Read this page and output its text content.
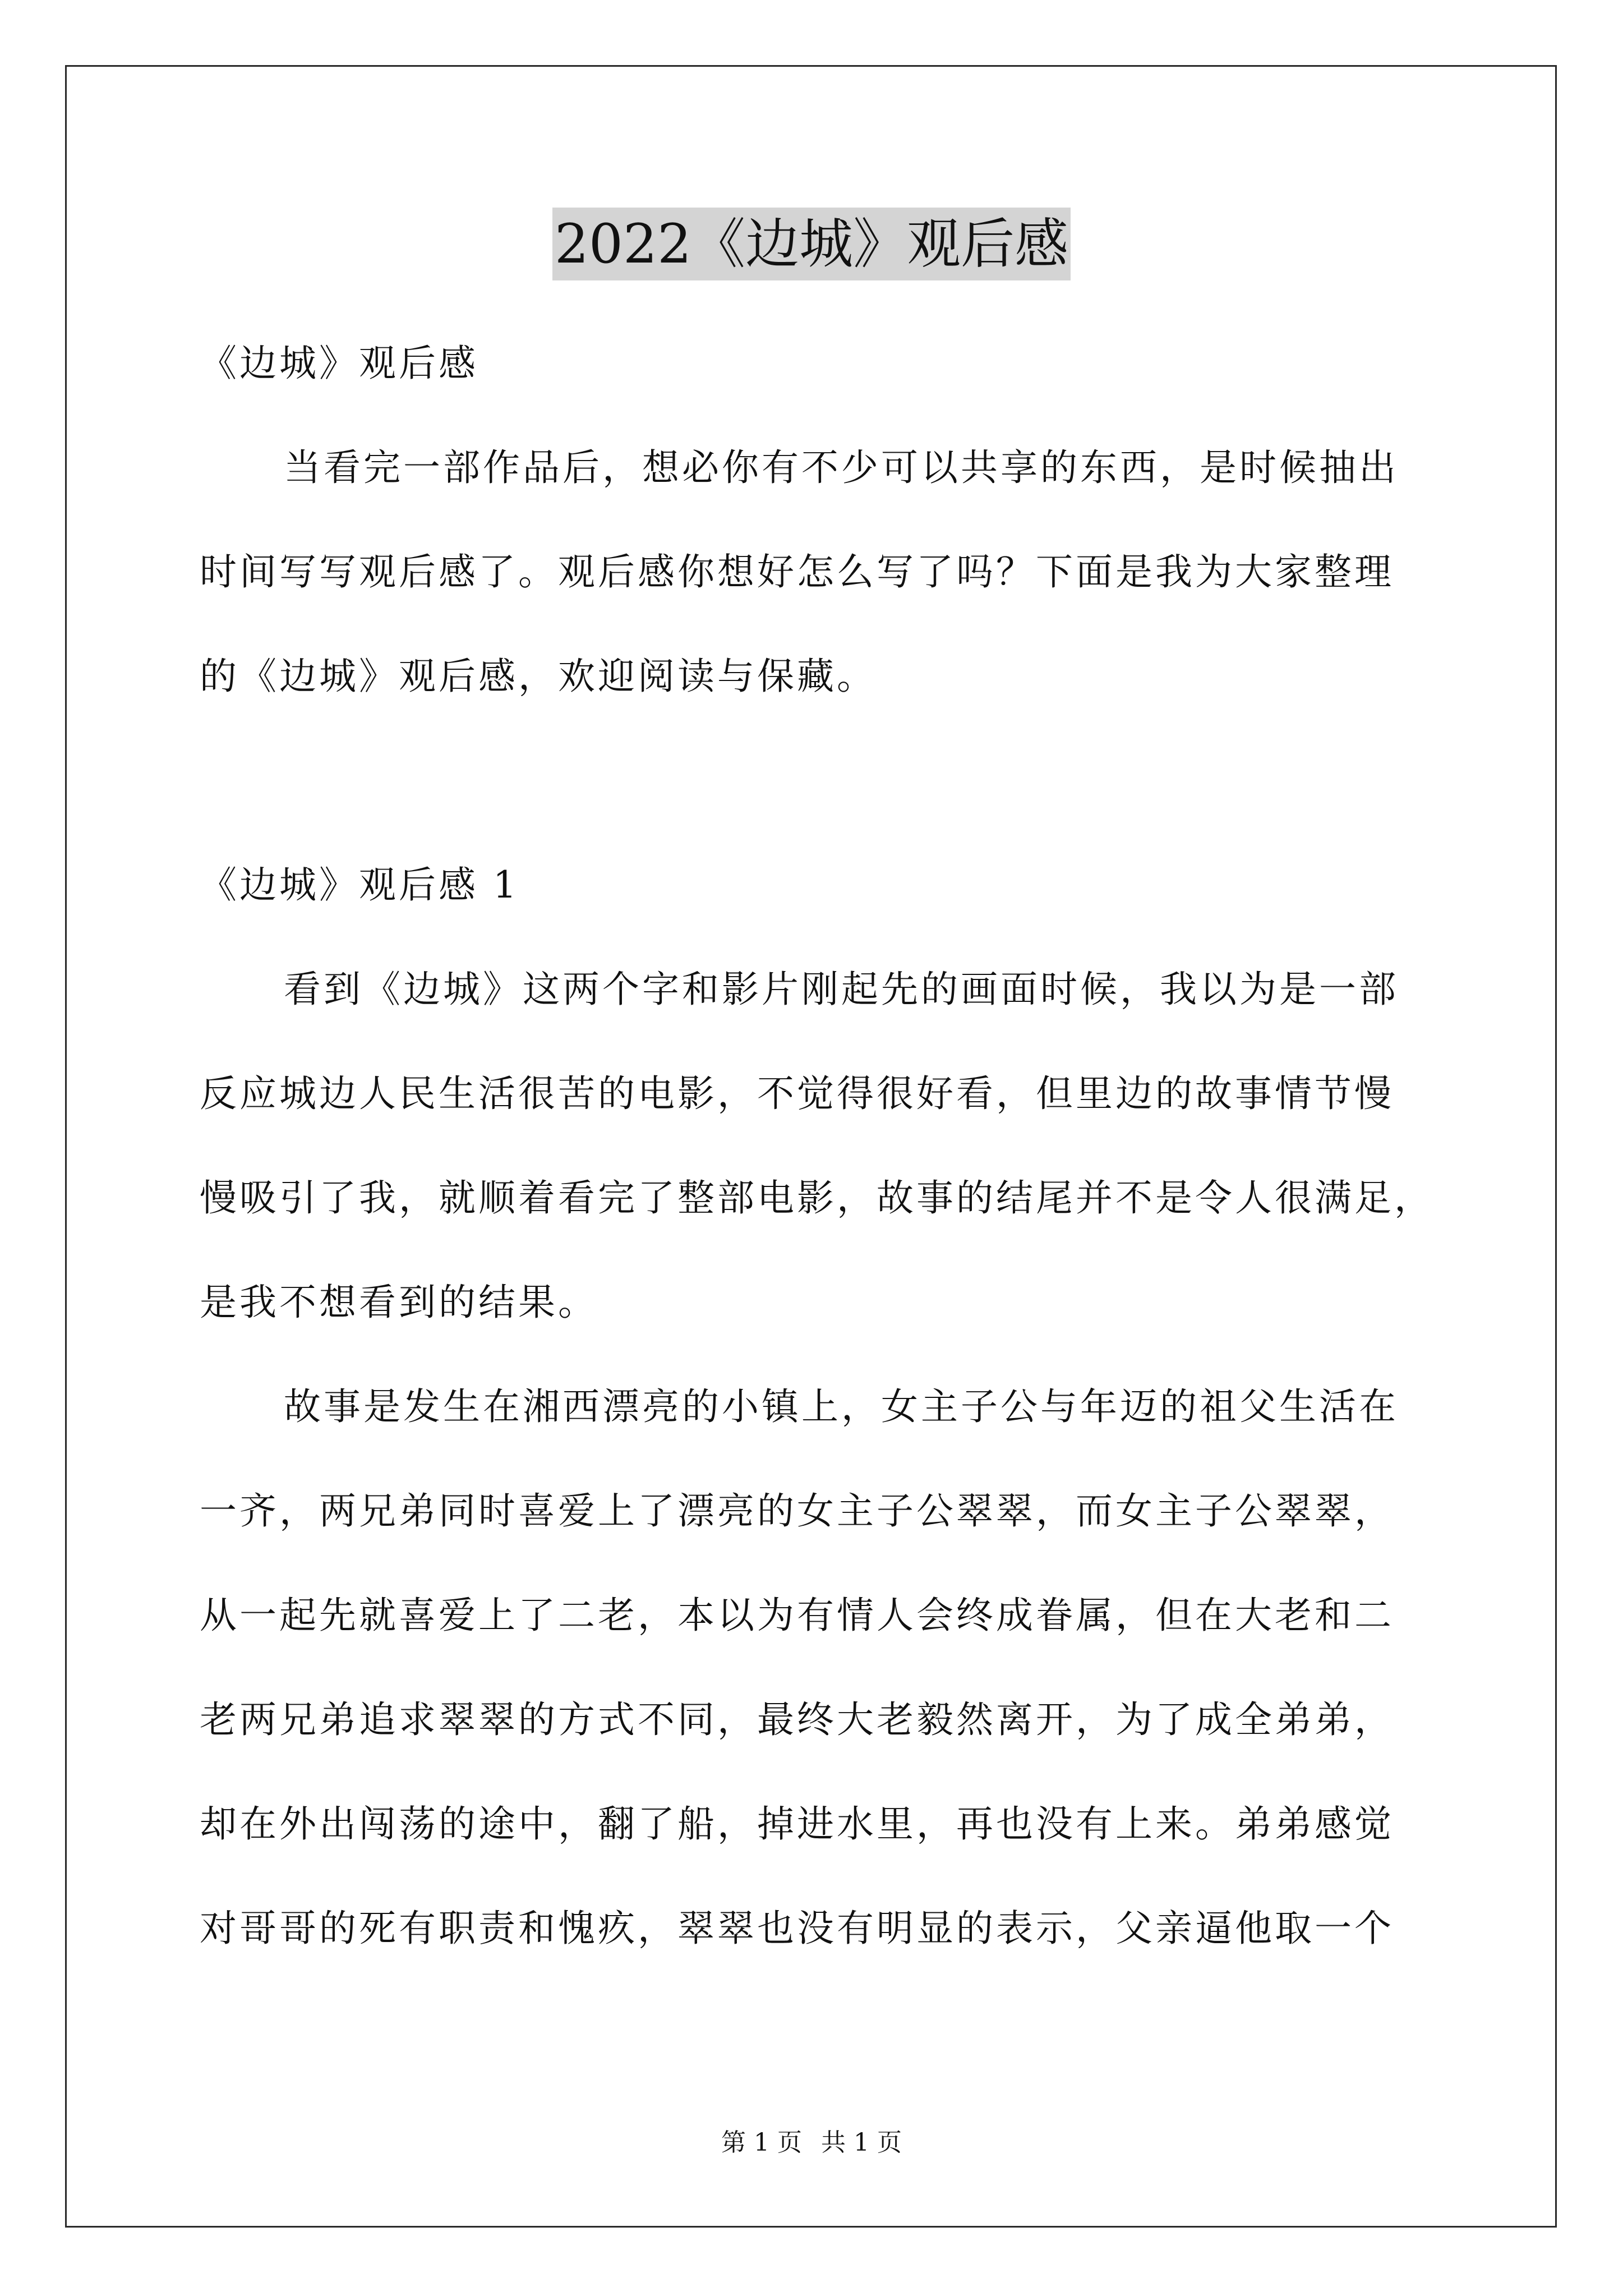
2022《边城》观后感
《边城》观后感
当看完一部作品后，想必你有不少可以共享的东西，是时候抽出
时间写写观后感了。观后感你想好怎么写了吗？下面是我为大家整理
的《边城》观后感，欢迎阅读与保藏。
《边城》观后感 1
看到《边城》这两个字和影片刚起先的画面时候，我以为是一部
反应城边人民生活很苦的电影，不觉得很好看，但里边的故事情节慢
慢吸引了我，就顺着看完了整部电影，故事的结尾并不是令人很满足，
是我不想看到的结果。
故事是发生在湘西漂亮的小镇上，女主子公与年迈的祖父生活在
一齐，两兄弟同时喜爱上了漂亮的女主子公翠翠，而女主子公翠翠，
从一起先就喜爱上了二老，本以为有情人会终成眷属，但在大老和二
老两兄弟追求翠翠的方式不同，最终大老毅然离开，为了成全弟弟，
却在外出闯荡的途中，翻了船，掉进水里，再也没有上来。弟弟感觉
对哥哥的死有职责和愧疚，翠翠也没有明显的表示，父亲逼他取一个
第 1 页 共 1 页
